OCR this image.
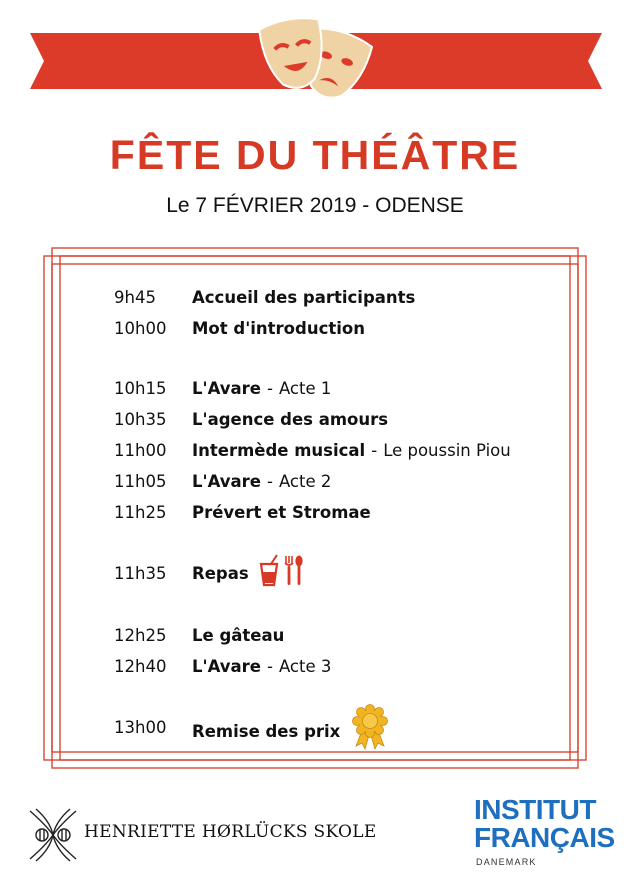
FÊTE DU THÉÂTRE
Le 7 FÉVRIER 2019 - ODENSE
9h45	Accueil des participants
10h00	Mot d'introduction
10h15	L'Avare - Acte 1
10h35	L'agence des amours
11h00	Intermède musical - Le poussin Piou
11h05	L'Avare - Acte 2
11h25	Prévert et Stromae
11h35	Repas
12h25	Le gâteau
12h40	L'Avare - Acte 3
13h00	Remise des prix
HENRIETTE HØRLÜCKS SKOLE
INSTITUT
FRANÇAIS
DANEMARK
